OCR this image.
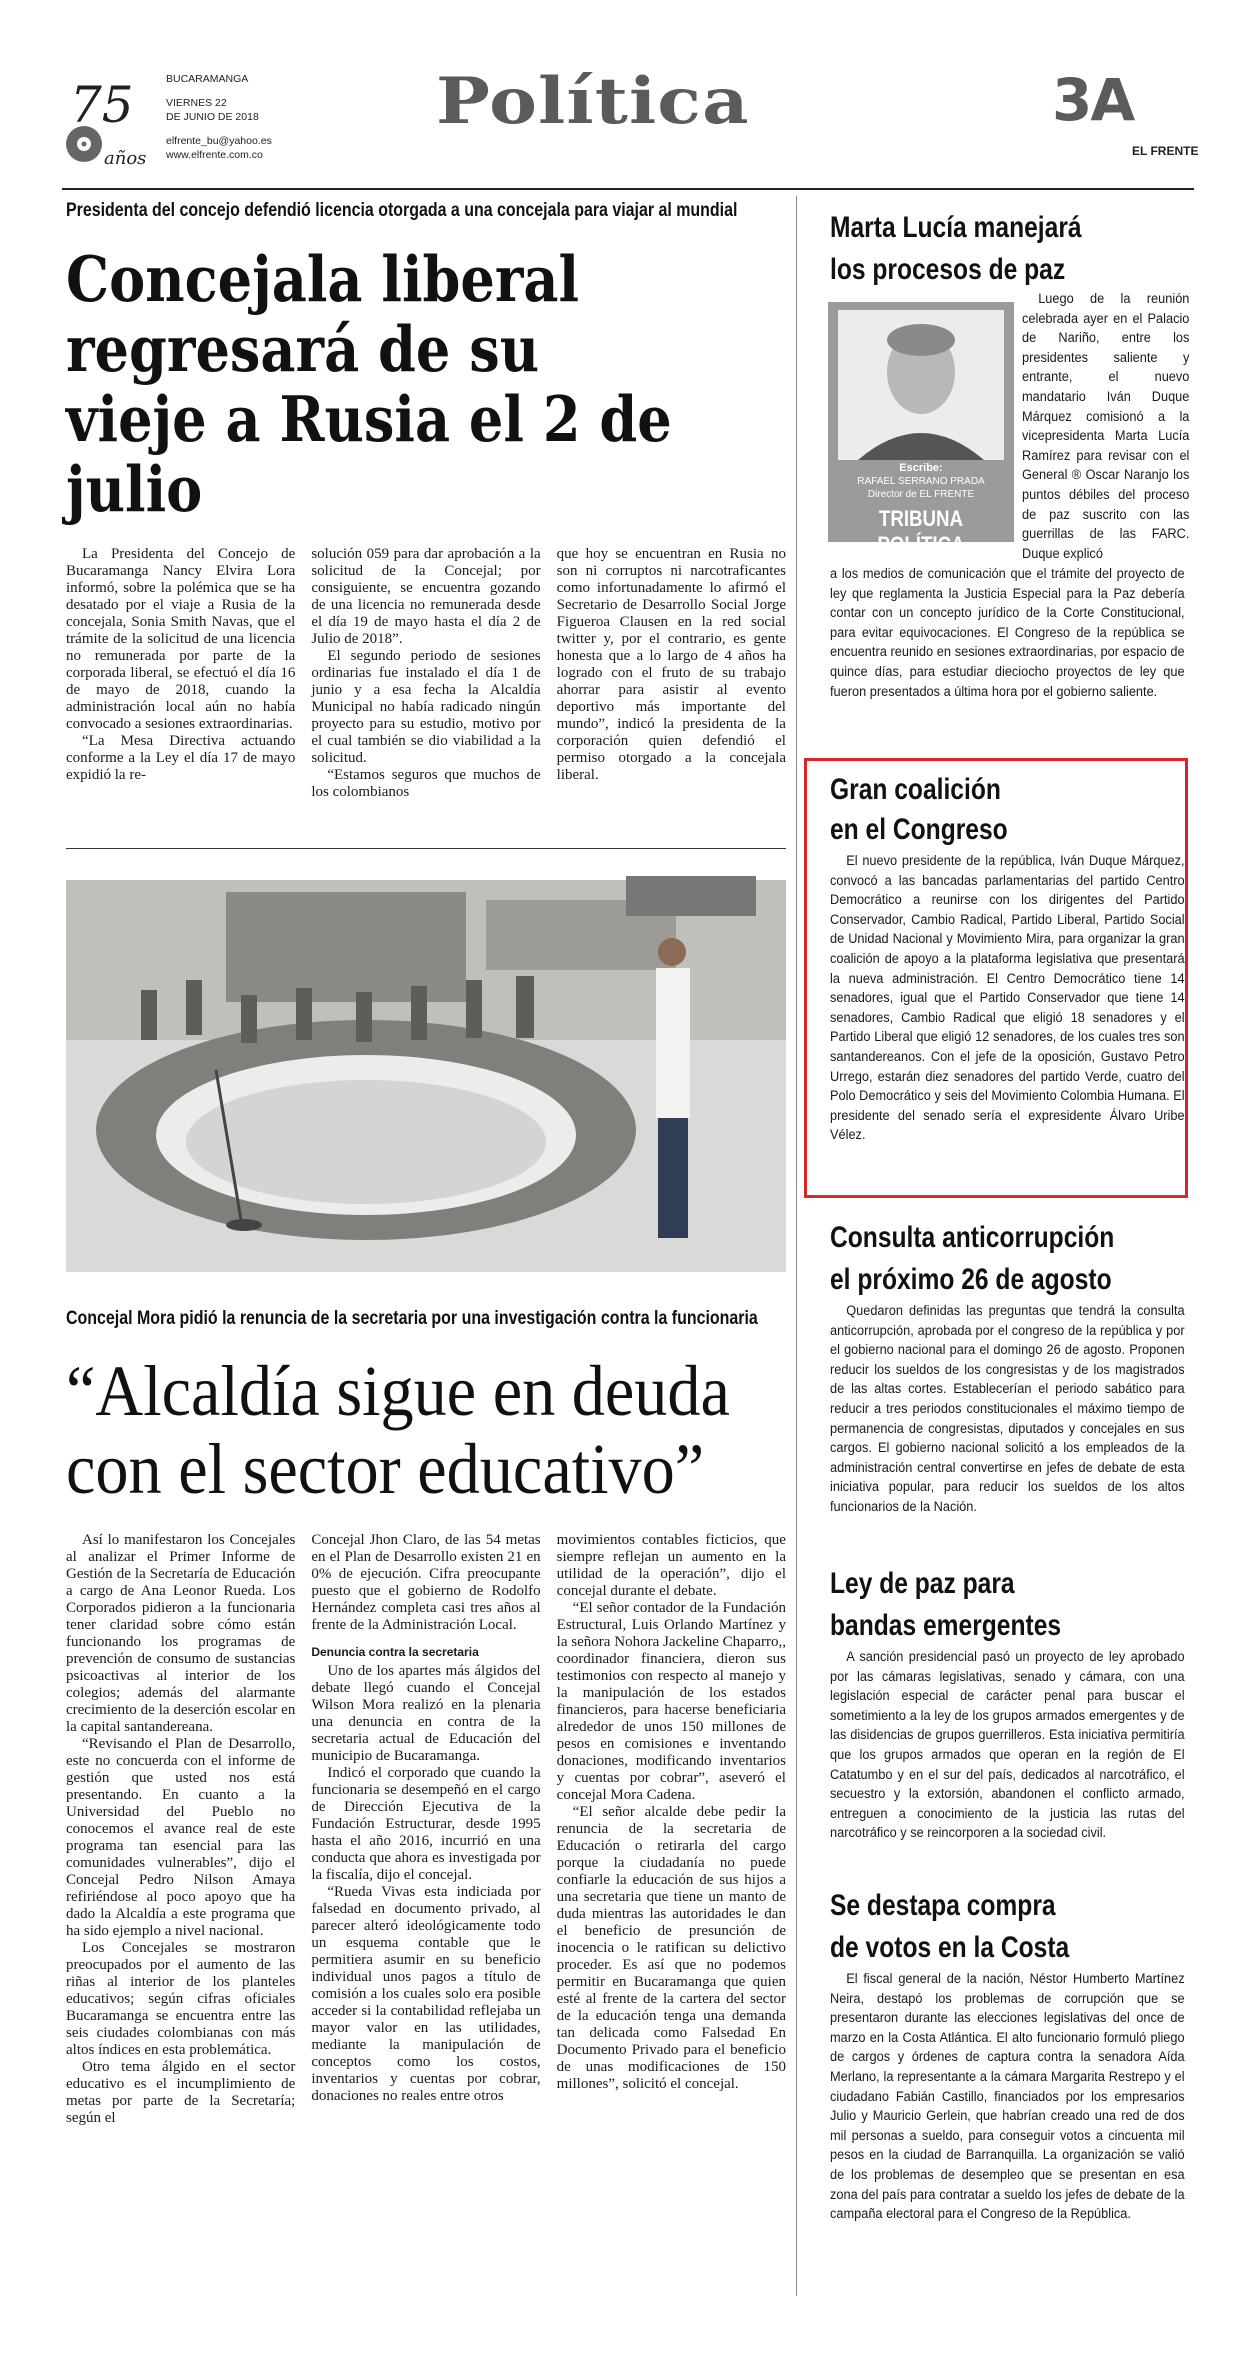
75
años
BUCARAMANGA
VIERNES 22
DE JUNIO DE 2018
elfrente_bu@yahoo.es
www.elfrente.com.co
Política	3A
EL FRENTE
Presidenta del concejo defendió licencia otorgada a una concejala para viajar al mundial
Concejala liberal regresará de su vieje a Rusia el 2 de julio

La Presidenta del Concejo de Bucaramanga Nancy Elvira Lora informó, sobre la polémica que se ha desatado por el viaje a Rusia de la concejala, Sonia Smith Navas, que el trámite de la solicitud de una licencia no remunerada por parte de la corporada liberal, se efectuó el día 16 de mayo de 2018, cuando la administración local aún no había convocado a sesiones extraordinarias.

“La Mesa Directiva actuando conforme a la Ley el día 17 de mayo expidió la re-

solución 059 para dar aprobación a la solicitud de la Concejal; por consiguiente, se encuentra gozando de una licencia no remunerada desde el día 19 de mayo hasta el día 2 de Julio de 2018”.

El segundo periodo de sesiones ordinarias fue instalado el día 1 de junio y a esa fecha la Alcaldía Municipal no había radicado ningún proyecto para su estudio, motivo por el cual también se dio viabilidad a la solicitud.

“Estamos seguros que muchos de los colombianos

que hoy se encuentran en Rusia no son ni corruptos ni narcotraficantes como infortunadamente lo afirmó el Secretario de Desarrollo Social Jorge Figueroa Clausen en la red social twitter y, por el contrario, es gente honesta que a lo largo de 4 años ha logrado con el fruto de su trabajo ahorrar para asistir al evento deportivo más importante del mundo”, indicó la presidenta de la corporación quien defendió el permiso otorgado a la concejala liberal.

Concejal Mora pidió la renuncia de la secretaria por una investigación contra la funcionaria
“Alcaldía sigue en deuda con el sector educativo”

Así lo manifestaron los Concejales al analizar el Primer Informe de Gestión de la Secretaría de Educación a cargo de Ana Leonor Rueda. Los Corporados pidieron a la funcionaria tener claridad sobre cómo están funcionando los programas de prevención de consumo de sustancias psicoactivas al interior de los colegios; además del alarmante crecimiento de la deserción escolar en la capital santandereana.

“Revisando el Plan de Desarrollo, este no concuerda con el informe de gestión que usted nos está presentando. En cuanto a la Universidad del Pueblo no conocemos el avance real de este programa tan esencial para las comunidades vulnerables”, dijo el Concejal Pedro Nilson Amaya refiriéndose al poco apoyo que ha dado la Alcaldía a este programa que ha sido ejemplo a nivel nacional.

Los Concejales se mostraron preocupados por el aumento de las riñas al interior de los planteles educativos; según cifras oficiales Bucaramanga se encuentra entre las seis ciudades colombianas con más altos índices en esta problemática.

Otro tema álgido en el sector educativo es el incumplimiento de metas por parte de la Secretaría; según el

Concejal Jhon Claro, de las 54 metas en el Plan de Desarrollo existen 21 en 0% de ejecución. Cifra preocupante puesto que el gobierno de Rodolfo Hernández completa casi tres años al frente de la Administración Local.

Denuncia contra la secretaria

Uno de los apartes más álgidos del debate llegó cuando el Concejal Wilson Mora realizó en la plenaria una denuncia en contra de la secretaria actual de Educación del municipio de Bucaramanga.

Indicó el corporado que cuando la funcionaria se desempeñó en el cargo de Dirección Ejecutiva de la Fundación Estructurar, desde 1995 hasta el año 2016, incurrió en una conducta que ahora es investigada por la fiscalía, dijo el concejal.

“Rueda Vivas esta indiciada por falsedad en documento privado, al parecer alteró ideológicamente todo un esquema contable que le permitiera asumir en su beneficio individual unos pagos a título de comisión a los cuales solo era posible acceder si la contabilidad reflejaba un mayor valor en las utilidades, mediante la manipulación de conceptos como los costos, inventarios y cuentas por cobrar, donaciones no reales entre otros

movimientos contables ficticios, que siempre reflejan un aumento en la utilidad de la operación”, dijo el concejal durante el debate.

“El señor contador de la Fundación Estructural, Luis Orlando Martínez y la señora Nohora Jackeline Chaparro,, coordinador financiera, dieron sus testimonios con respecto al manejo y la manipulación de los estados financieros, para hacerse beneficiaria alrededor de unos 150 millones de pesos en comisiones e inventando donaciones, modificando inventarios y cuentas por cobrar”, aseveró el concejal Mora Cadena.

“El señor alcalde debe pedir la renuncia de la secretaria de Educación o retirarla del cargo porque la ciudadanía no puede confiarle la educación de sus hijos a una secretaria que tiene un manto de duda mientras las autoridades le dan el beneficio de presunción de inocencia o le ratifican su delictivo proceder. Es así que no podemos permitir en Bucaramanga que quien esté al frente de la cartera del sector de la educación tenga una demanda tan delicada como Falsedad En Documento Privado para el beneficio de unas modificaciones de 150 millones”, solicitó el concejal.

Marta Lucía manejará
los procesos de paz
Escribe:
RAFAEL SERRANO PRADA
Director de EL FRENTE
TRIBUNA POLÍTICA

Luego de la reunión celebrada ayer en el Palacio de Nariño, entre los presidentes saliente y entrante, el nuevo mandatario Iván Duque Márquez comisionó a la vicepresidenta Marta Lucía Ramírez para revisar con el General ® Oscar Naranjo los puntos débiles del proceso de paz suscrito con las guerrillas de las FARC. Duque explicó

a los medios de comunicación que el trámite del proyecto de ley que reglamenta la Justicia Especial para la Paz debería contar con un concepto jurídico de la Corte Constitucional, para evitar equivocaciones. El Congreso de la república se encuentra reunido en sesiones extraordinarias, por espacio de quince días, para estudiar dieciocho proyectos de ley que fueron presentados a última hora por el gobierno saliente.

Gran coalición
en el Congreso

El nuevo presidente de la república, Iván Duque Márquez, convocó a las bancadas parlamentarias del partido Centro Democrático a reunirse con los dirigentes del Partido Conservador, Cambio Radical, Partido Liberal, Partido Social de Unidad Nacional y Movimiento Mira, para organizar la gran coalición de apoyo a la plataforma legislativa que presentará la nueva administración. El Centro Democrático tiene 14 senadores, igual que el Partido Conservador que tiene 14 senadores, Cambio Radical que eligió 18 senadores y el Partido Liberal que eligió 12 senadores, de los cuales tres son santandereanos. Con el jefe de la oposición, Gustavo Petro Urrego, estarán diez senadores del partido Verde, cuatro del Polo Democrático y seis del Movimiento Colombia Humana. El presidente del senado sería el expresidente Álvaro Uribe Vélez.

Consulta anticorrupción
el próximo 26 de agosto

Quedaron definidas las preguntas que tendrá la consulta anticorrupción, aprobada por el congreso de la república y por el gobierno nacional para el domingo 26 de agosto. Proponen reducir los sueldos de los congresistas y de los magistrados de las altas cortes. Establecerían el periodo sabático para reducir a tres periodos constitucionales el máximo tiempo de permanencia de congresistas, diputados y concejales en sus cargos. El gobierno nacional solicitó a los empleados de la administración central convertirse en jefes de debate de esta iniciativa popular, para reducir los sueldos de los altos funcionarios de la Nación.

Ley de paz para
bandas emergentes

A sanción presidencial pasó un proyecto de ley aprobado por las cámaras legislativas, senado y cámara, con una legislación especial de carácter penal para buscar el sometimiento a la ley de los grupos armados emergentes y de las disidencias de grupos guerrilleros. Esta iniciativa permitiría que los grupos armados que operan en la región de El Catatumbo y en el sur del país, dedicados al narcotráfico, el secuestro y la extorsión, abandonen el conflicto armado, entreguen a conocimiento de la justicia las rutas del narcotráfico y se reincorporen a la sociedad civil.

Se destapa compra
de votos en la Costa

El fiscal general de la nación, Néstor Humberto Martínez Neira, destapó los problemas de corrupción que se presentaron durante las elecciones legislativas del once de marzo en la Costa Atlántica. El alto funcionario formuló pliego de cargos y órdenes de captura contra la senadora Aída Merlano, la representante a la cámara Margarita Restrepo y el ciudadano Fabián Castillo, financiados por los empresarios Julio y Mauricio Gerlein, que habrían creado una red de dos mil personas a sueldo, para conseguir votos a cincuenta mil pesos en la ciudad de Barranquilla. La organización se valió de los problemas de desempleo que se presentan en esa zona del país para contratar a sueldo los jefes de debate de la campaña electoral para el Congreso de la República.
